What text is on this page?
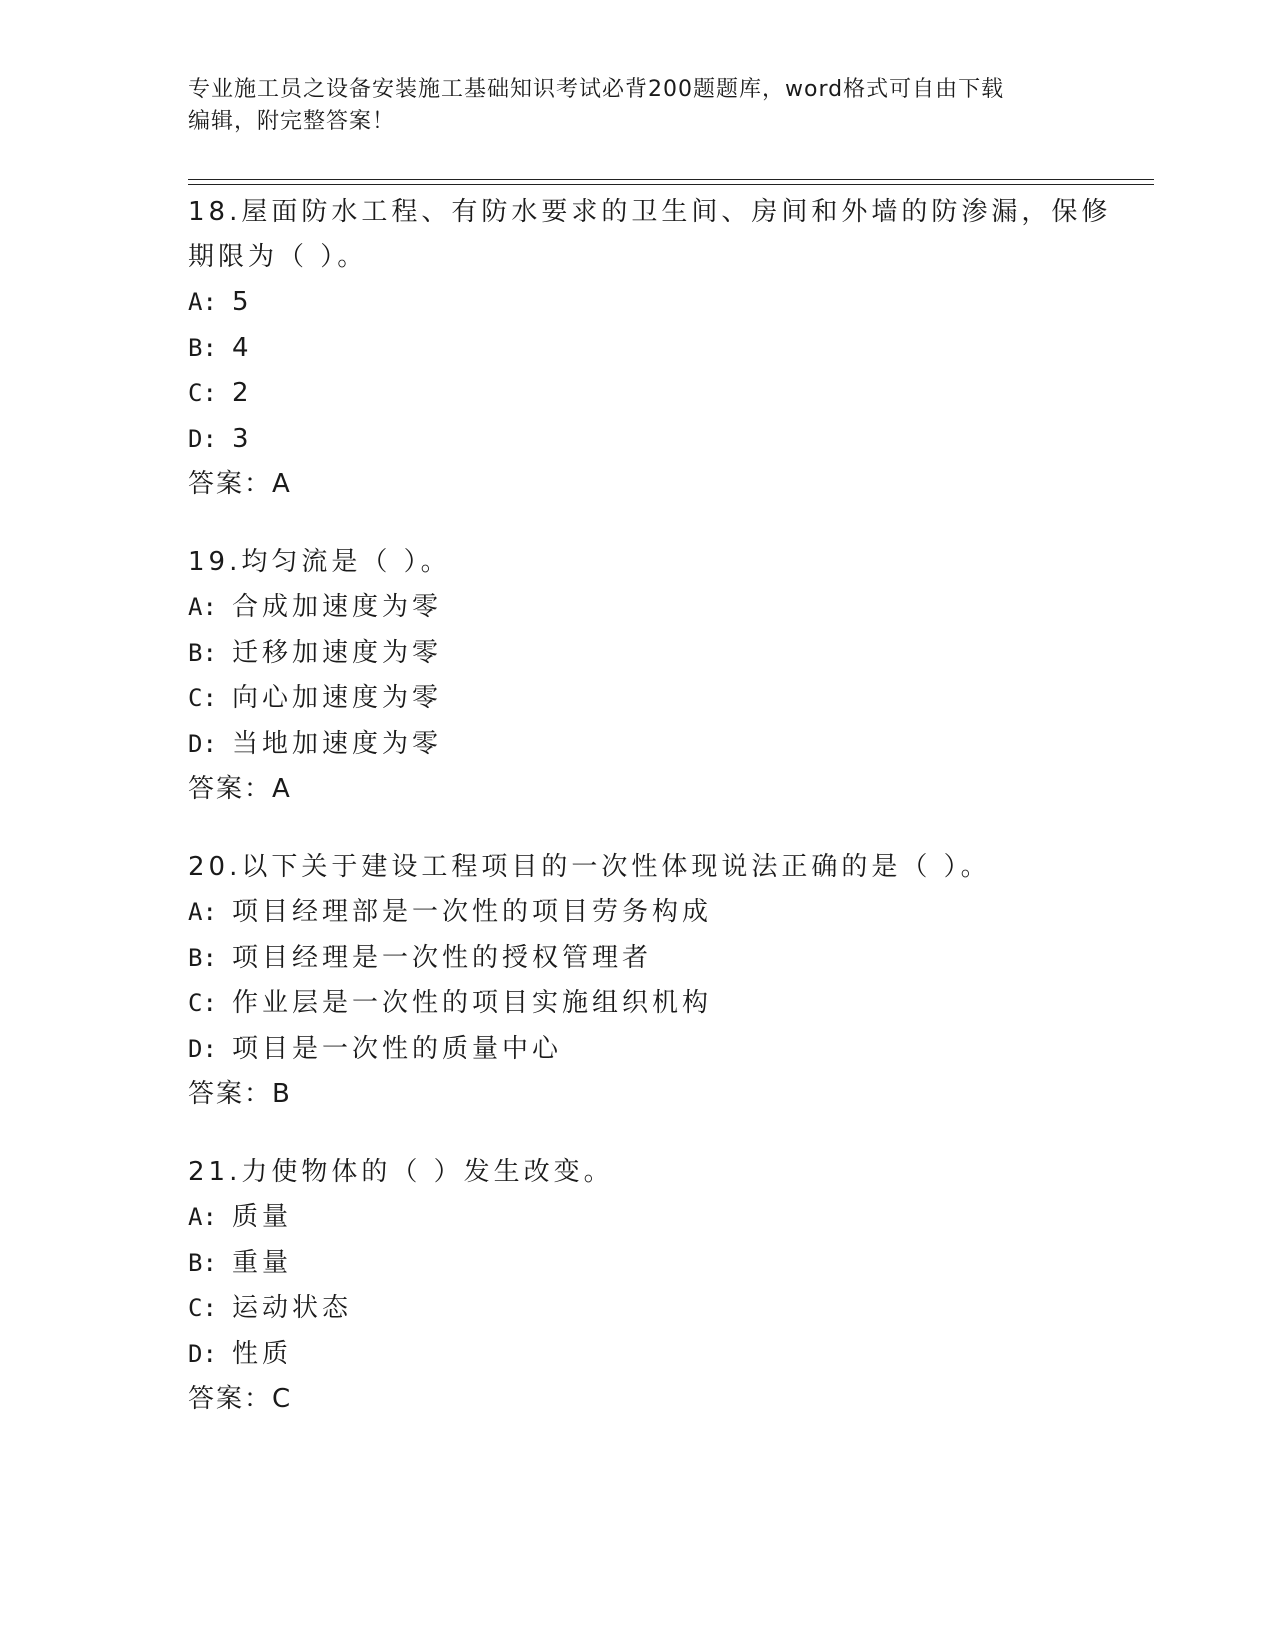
专业施工员之设备安装施工基础知识考试必背200题题库，word格式可自由下载
编辑，附完整答案！

18.屋面防水工程、有防水要求的卫生间、房间和外墙的防渗漏，保修期限为（ ）。

A: 5
B: 4
C: 2
D: 3
答案：A

19.均匀流是（ ）。

A: 合成加速度为零
B: 迁移加速度为零
C: 向心加速度为零
D: 当地加速度为零
答案：A

20.以下关于建设工程项目的一次性体现说法正确的是（ ）。

A: 项目经理部是一次性的项目劳务构成
B: 项目经理是一次性的授权管理者
C: 作业层是一次性的项目实施组织机构
D: 项目是一次性的质量中心
答案：B

21.力使物体的（ ）发生改变。

A: 质量
B: 重量
C: 运动状态
D: 性质
答案：C
